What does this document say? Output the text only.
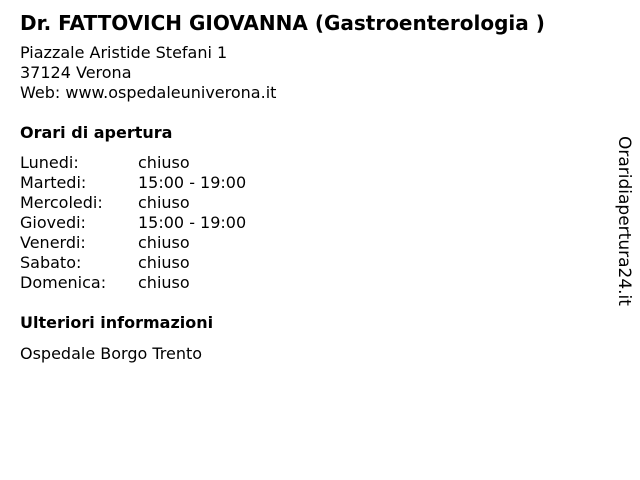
Dr. FATTOVICH GIOVANNA (Gastroenterologia )
Piazzale Aristide Stefani 1
37124 Verona
Web: www.ospedaleuniverona.it
Orari di apertura
Lunedi:	chiuso
Martedi:	15:00 - 19:00
Mercoledi: chiuso
Giovedi:	15:00 - 19:00
Venerdi:	chiuso
Sabato:	chiuso
Domenica: chiuso
Ulteriori informazioni
Ospedale Borgo Trento
Oraridiapertura24.it
